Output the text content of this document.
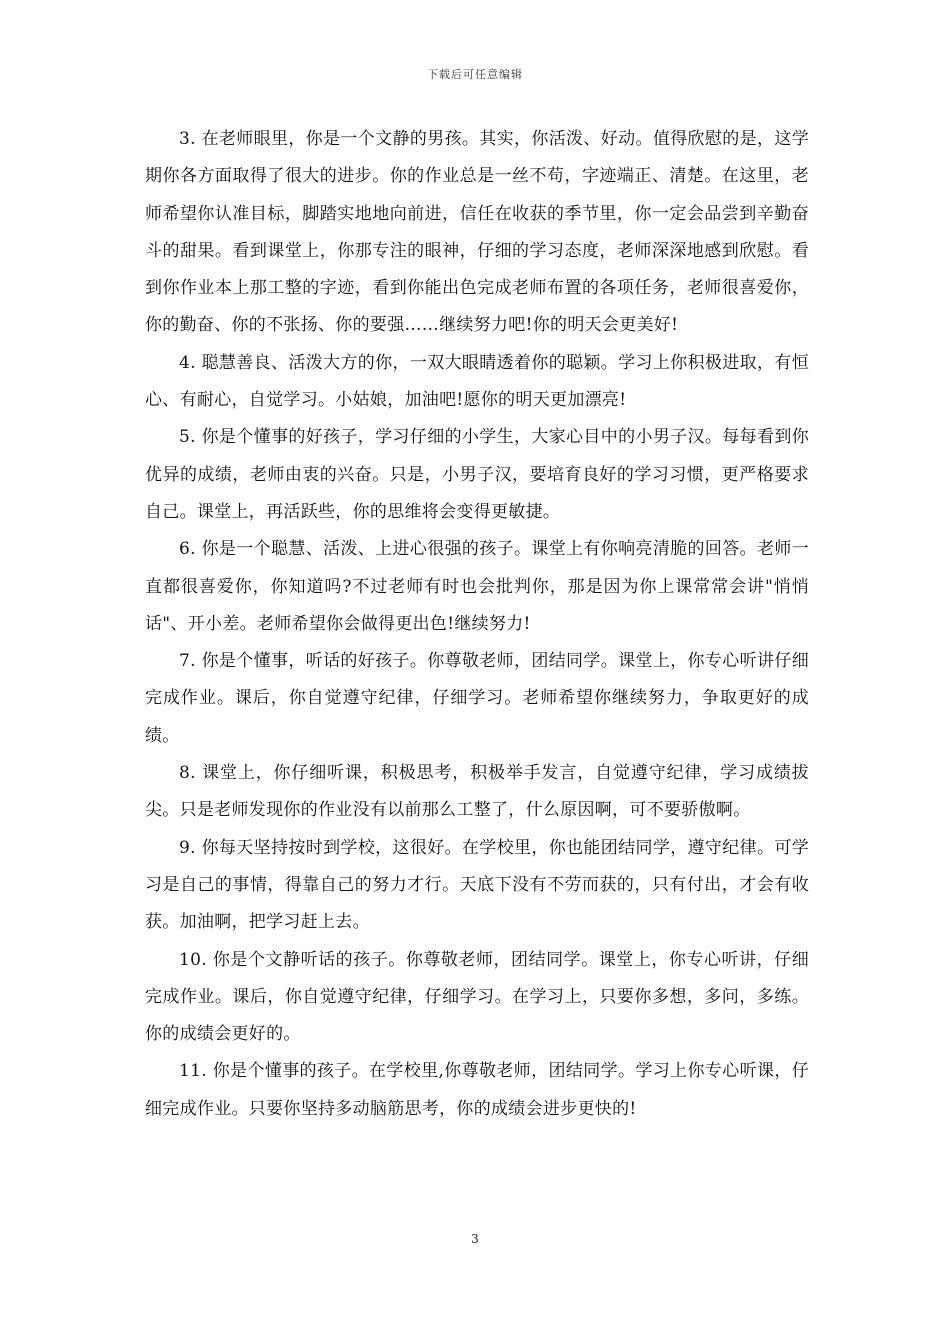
下载后可任意编辑

3. 在老师眼里，你是一个文静的男孩。其实，你活泼、好动。值得欣慰的是，这学期你各方面取得了很大的进步。你的作业总是一丝不苟，字迹端正、清楚。在这里，老师希望你认准目标，脚踏实地地向前进，信任在收获的季节里，你一定会品尝到辛勤奋斗的甜果。看到课堂上，你那专注的眼神，仔细的学习态度，老师深深地感到欣慰。看到你作业本上那工整的字迹，看到你能出色完成老师布置的各项任务，老师很喜爱你，你的勤奋、你的不张扬、你的要强……继续努力吧!你的明天会更美好!

4. 聪慧善良、活泼大方的你，一双大眼睛透着你的聪颖。学习上你积极进取，有恒心、有耐心，自觉学习。小姑娘，加油吧!愿你的明天更加漂亮!

5. 你是个懂事的好孩子，学习仔细的小学生，大家心目中的小男子汉。每每看到你优异的成绩，老师由衷的兴奋。只是，小男子汉，要培育良好的学习习惯，更严格要求自己。课堂上，再活跃些，你的思维将会变得更敏捷。

6. 你是一个聪慧、活泼、上进心很强的孩子。课堂上有你响亮清脆的回答。老师一直都很喜爱你，你知道吗?不过老师有时也会批判你，那是因为你上课常常会讲"悄悄话"、开小差。老师希望你会做得更出色!继续努力!

7. 你是个懂事，听话的好孩子。你尊敬老师，团结同学。课堂上，你专心听讲仔细完成作业。课后，你自觉遵守纪律，仔细学习。老师希望你继续努力，争取更好的成绩。

8. 课堂上，你仔细听课，积极思考，积极举手发言，自觉遵守纪律，学习成绩拔尖。只是老师发现你的作业没有以前那么工整了，什么原因啊，可不要骄傲啊。

9. 你每天坚持按时到学校，这很好。在学校里，你也能团结同学，遵守纪律。可学习是自己的事情，得靠自己的努力才行。天底下没有不劳而获的，只有付出，才会有收获。加油啊，把学习赶上去。

10. 你是个文静听话的孩子。你尊敬老师，团结同学。课堂上，你专心听讲，仔细完成作业。课后，你自觉遵守纪律，仔细学习。在学习上，只要你多想，多问，多练。你的成绩会更好的。

11. 你是个懂事的孩子。在学校里,你尊敬老师，团结同学。学习上你专心听课，仔细完成作业。只要你坚持多动脑筋思考，你的成绩会进步更快的!

3
